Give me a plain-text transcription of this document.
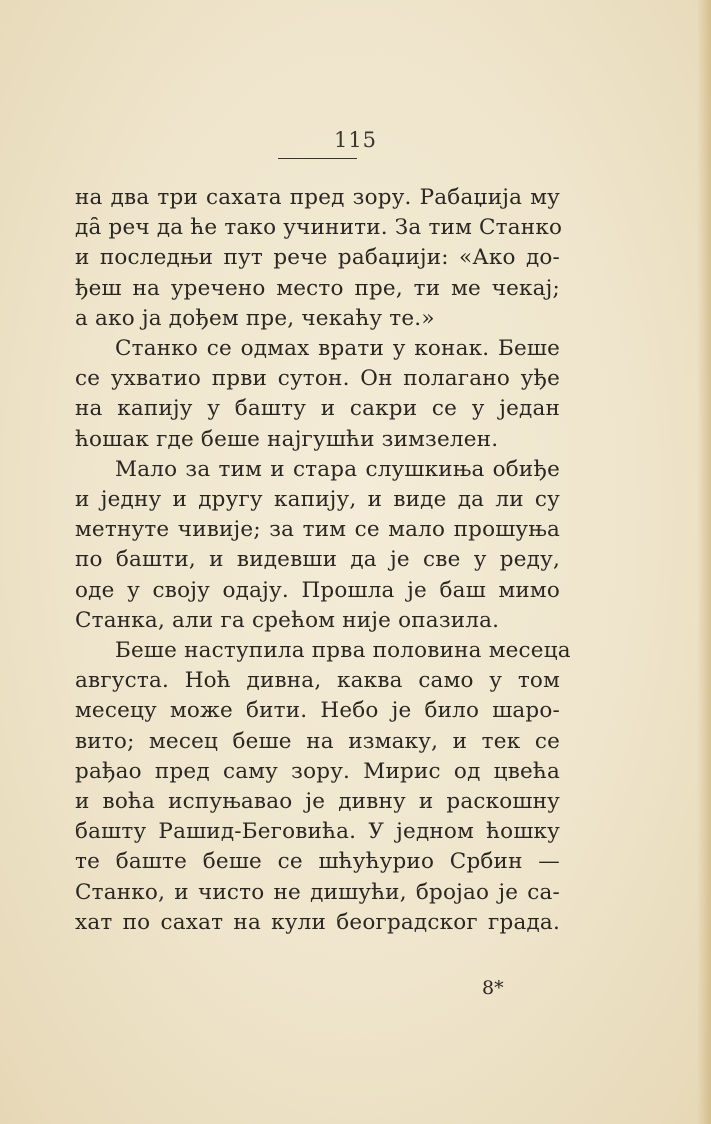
115

на два три сахата пред зору. Рабаџија му
да̑ реч да ће тако учинити. За тим Станко
и последњи пут рече рабаџији: «Ако до-
ђеш на уречено место пре, ти ме чекај;
а ако ја дођем пре, чекаћу те.»

Станко се одмах врати у конак. Беше
се ухватио први сутон. Он полагано уђе
на капију у башту и сакри се у један
ћошак где беше најгушћи зимзелен.

Мало за тим и стара слушкиња обиђе
и једну и другу капију, и виде да ли су
метнуте чивије; за тим се мало прошуња
по башти, и видевши да је све у реду,
оде у своју одају. Прошла је баш мимо
Станка, али га срећом није опазила.

Беше наступила прва половина месеца
августа. Ноћ дивна, каква само у том
месецу може бити. Небо је било шаро-
вито; месец беше на измаку, и тек се
рађао пред саму зору. Мирис од цвећа
и воћа испуњавао је дивну и раскошну
башту Рашид-Беговића. У једном ћошку
те баште беше се шћућурио Србин —
Станко, и чисто не дишући, бројао је са-
хат по сахат на кули београдског града.

8*
